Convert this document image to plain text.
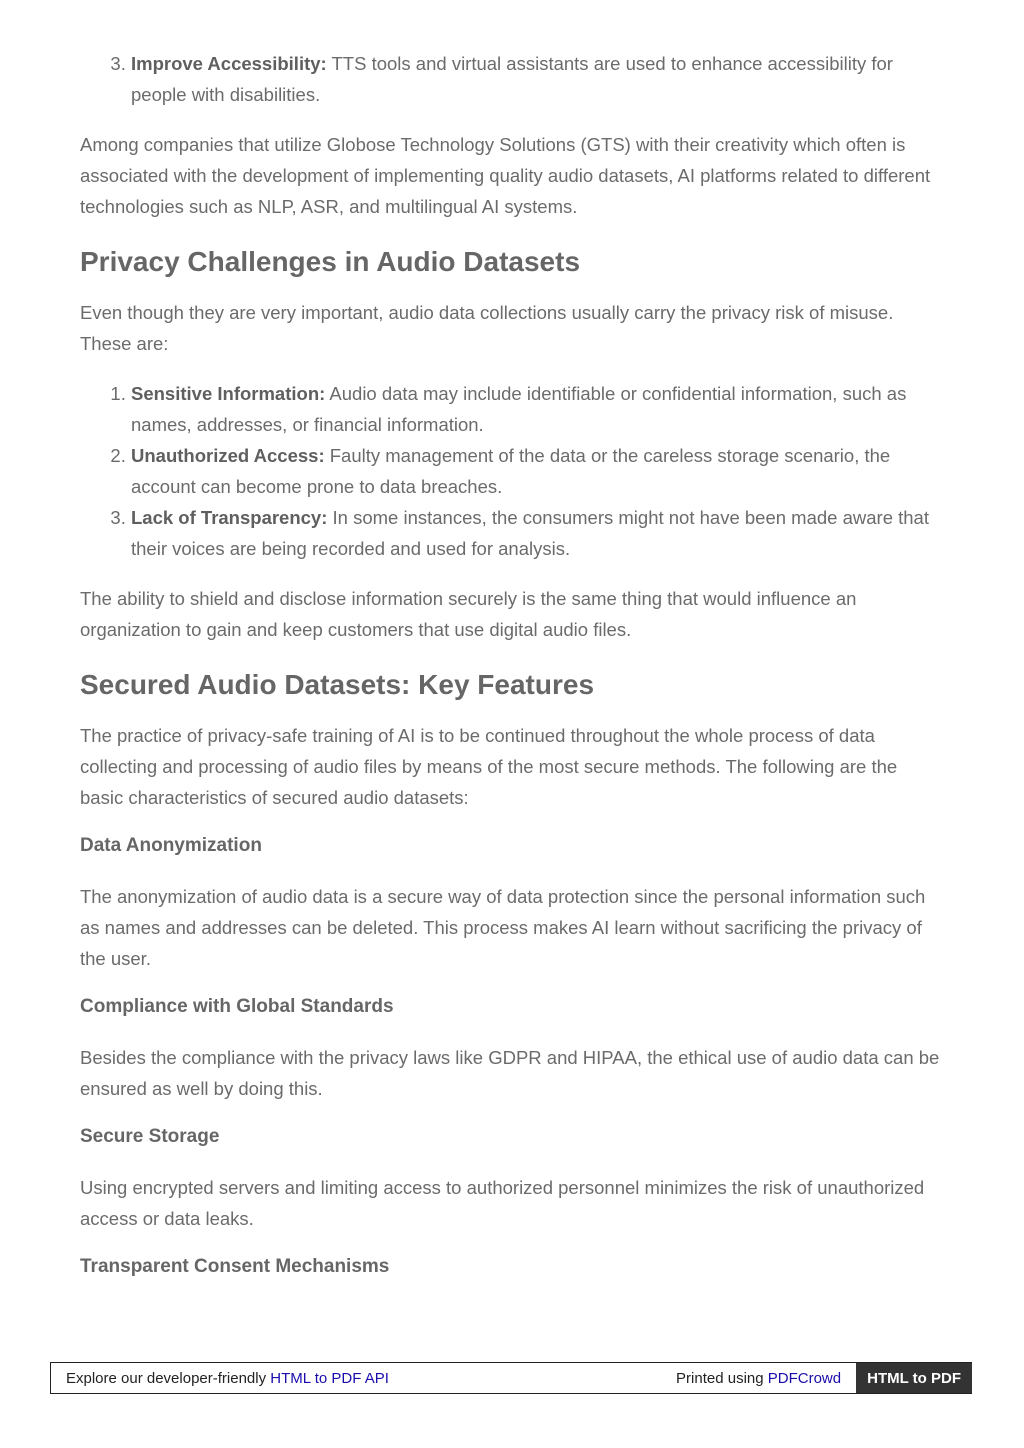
3. Improve Accessibility: TTS tools and virtual assistants are used to enhance accessibility for people with disabilities.

Among companies that utilize Globose Technology Solutions (GTS) with their creativity which often is associated with the development of implementing quality audio datasets, AI platforms related to different technologies such as NLP, ASR, and multilingual AI systems.

Privacy Challenges in Audio Datasets

Even though they are very important, audio data collections usually carry the privacy risk of misuse. These are:

1. Sensitive Information: Audio data may include identifiable or confidential information, such as names, addresses, or financial information.
2. Unauthorized Access: Faulty management of the data or the careless storage scenario, the account can become prone to data breaches.
3. Lack of Transparency: In some instances, the consumers might not have been made aware that their voices are being recorded and used for analysis.

The ability to shield and disclose information securely is the same thing that would influence an organization to gain and keep customers that use digital audio files.

Secured Audio Datasets: Key Features

The practice of privacy-safe training of AI is to be continued throughout the whole process of data collecting and processing of audio files by means of the most secure methods. The following are the basic characteristics of secured audio datasets:

Data Anonymization

The anonymization of audio data is a secure way of data protection since the personal information such as names and addresses can be deleted. This process makes AI learn without sacrificing the privacy of the user.

Compliance with Global Standards

Besides the compliance with the privacy laws like GDPR and HIPAA, the ethical use of audio data can be ensured as well by doing this.

Secure Storage

Using encrypted servers and limiting access to authorized personnel minimizes the risk of unauthorized access or data leaks.

Transparent Consent Mechanisms
Explore our developer-friendly HTML to PDF API	Printed using PDFCrowd	HTML to PDF
